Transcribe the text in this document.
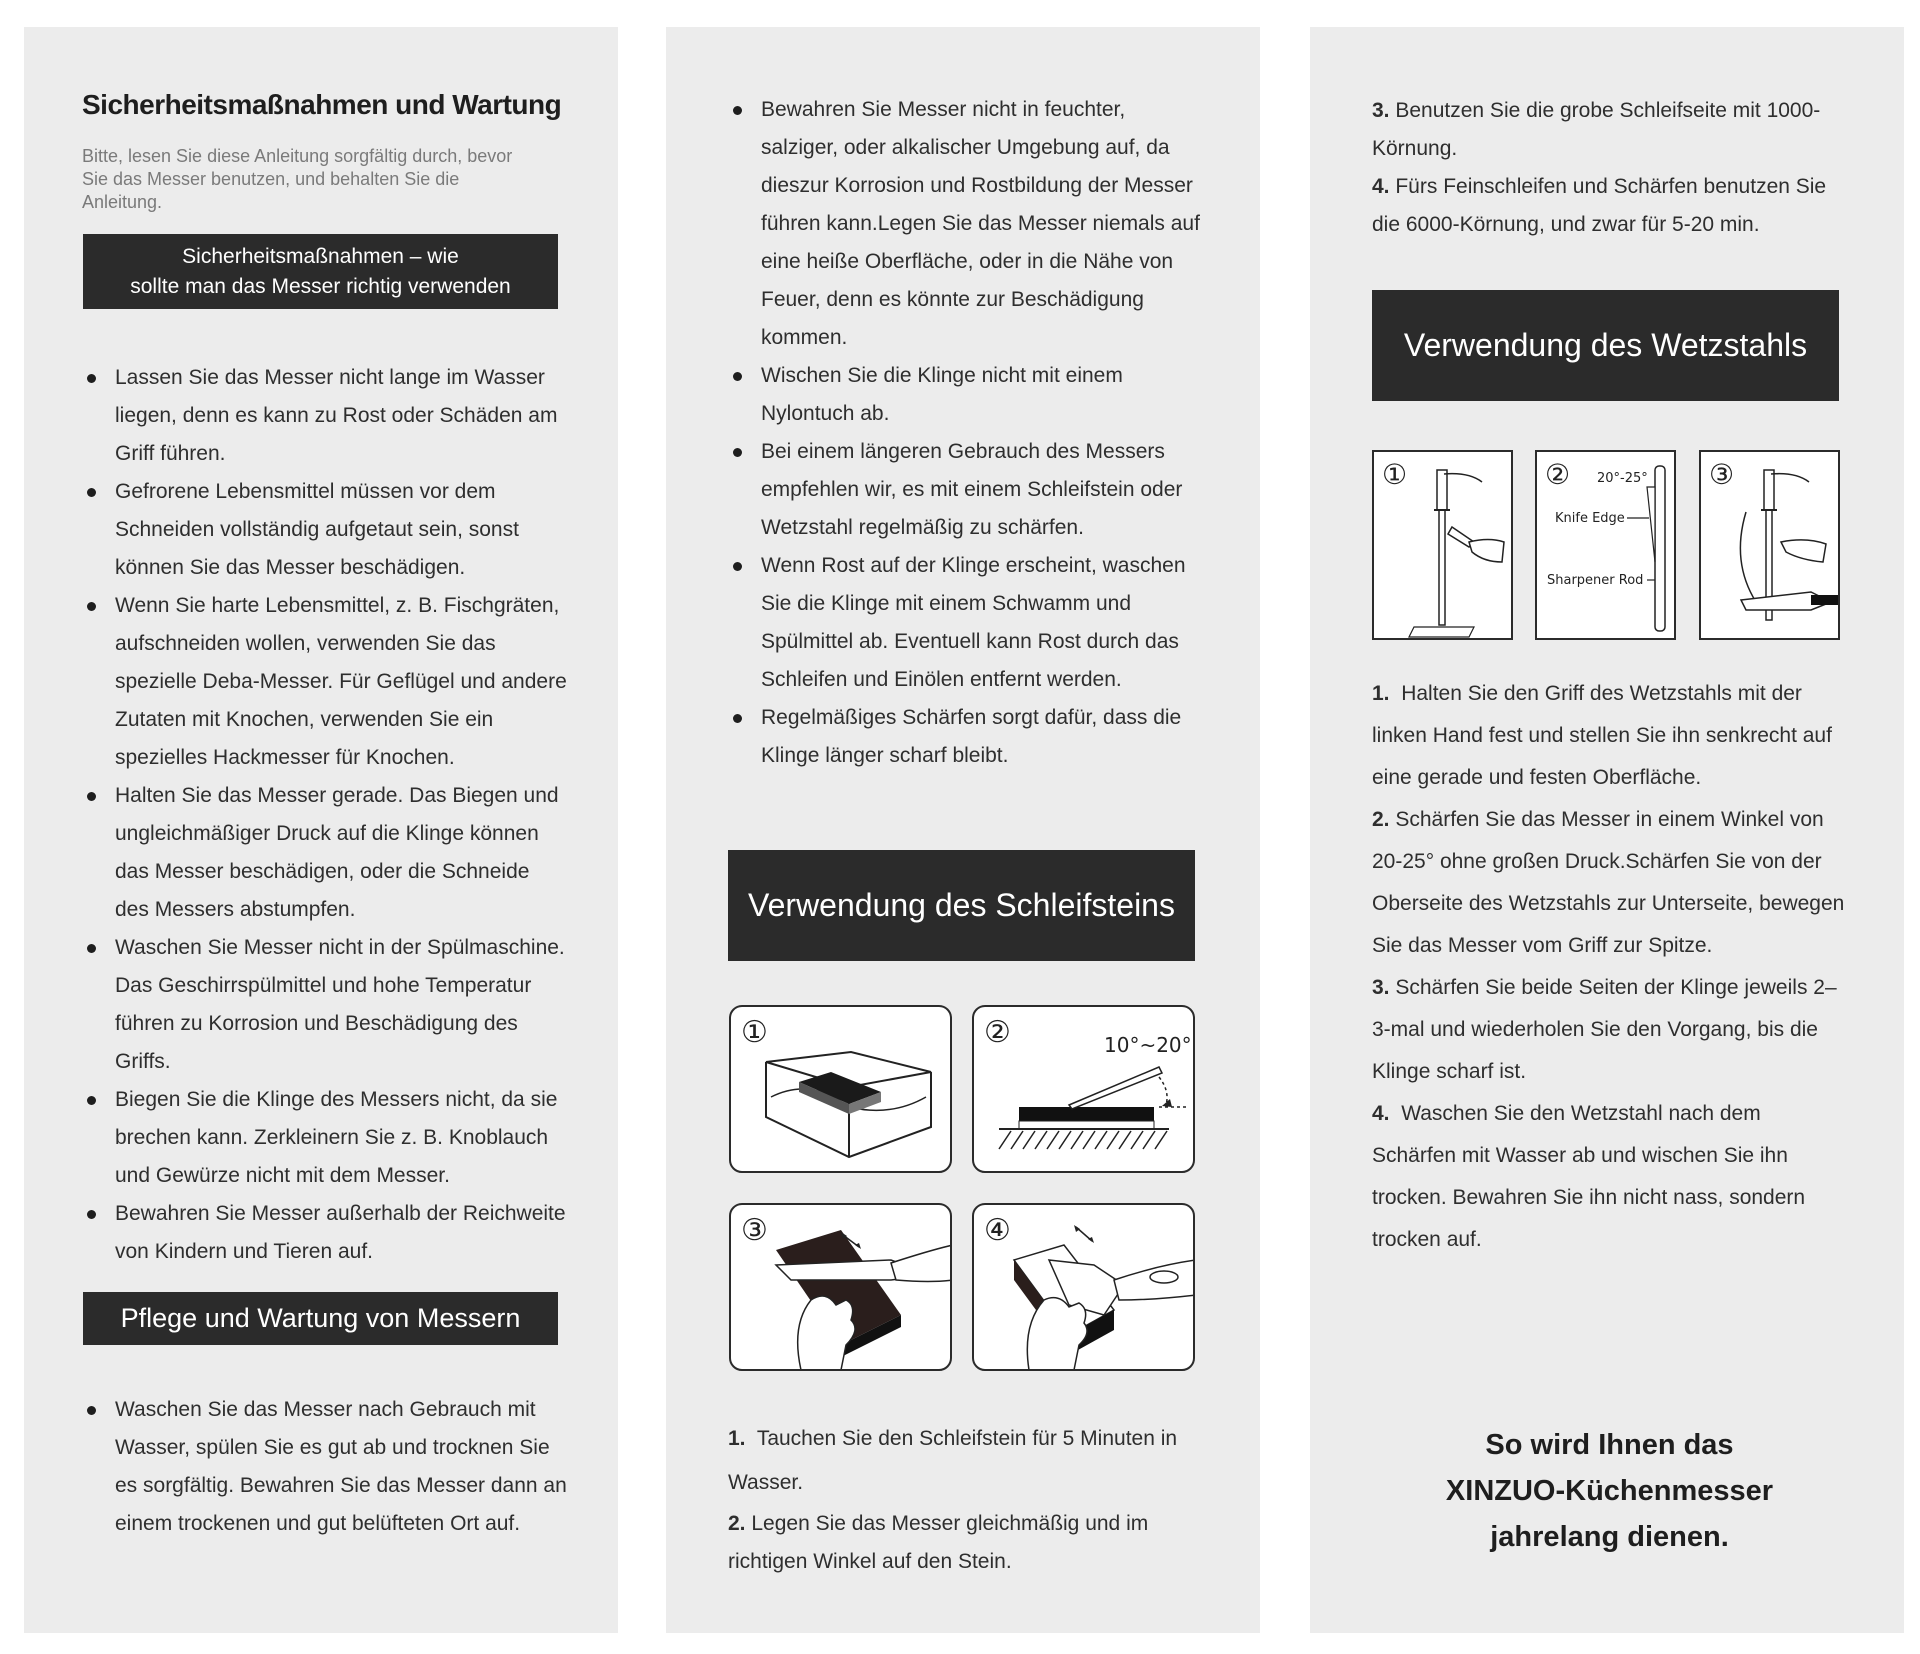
Sicherheitsmaßnahmen und Wartung

Bitte, lesen Sie diese Anleitung sorgfältig durch, bevor Sie das Messer benutzen, und behalten Sie die Anleitung.

Sicherheitsmaßnahmen – wie
sollte man das Messer richtig verwenden
Lassen Sie das Messer nicht lange im Wasser liegen, denn es kann zu Rost oder Schäden am Griff führen.
Gefrorene Lebensmittel müssen vor dem Schneiden vollständig aufgetaut sein, sonst können Sie das Messer beschädigen.
Wenn Sie harte Lebensmittel, z. B. Fischgräten, aufschneiden wollen, verwenden Sie das spezielle Deba-Messer. Für Geflügel und andere Zutaten mit Knochen, verwenden Sie ein spezielles Hackmesser für Knochen.
Halten Sie das Messer gerade. Das Biegen und ungleichmäßiger Druck auf die Klinge können das Messer beschädigen, oder die Schneide des Messers abstumpfen.
Waschen Sie Messer nicht in der Spülmaschine. Das Geschirrspülmittel und hohe Temperatur führen zu Korrosion und Beschädigung des Griffs.
Biegen Sie die Klinge des Messers nicht, da sie brechen kann. Zerkleinern Sie z. B. Knoblauch und Gewürze nicht mit dem Messer.
Bewahren Sie Messer außerhalb der Reichweite von Kindern und Tieren auf.
Pflege und Wartung von Messern
Waschen Sie das Messer nach Gebrauch mit Wasser, spülen Sie es gut ab und trocknen Sie es sorgfältig. Bewahren Sie das Messer dann an einem trockenen und gut belüfteten Ort auf.
Bewahren Sie Messer nicht in feuchter, salziger, oder alkalischer Umgebung auf, da dieszur Korrosion und Rostbildung der Messer führen kann.Legen Sie das Messer niemals auf eine heiße Oberfläche, oder in die Nähe von Feuer, denn es könnte zur Beschädigung kommen.
Wischen Sie die Klinge nicht mit einem Nylontuch ab.
Bei einem längeren Gebrauch des Messers empfehlen wir, es mit einem Schleifstein oder Wetzstahl regelmäßig zu schärfen.
Wenn Rost auf der Klinge erscheint, waschen Sie die Klinge mit einem Schwamm und Spülmittel ab. Eventuell kann Rost durch das Schleifen und Einölen entfernt werden.
Regelmäßiges Schärfen sorgt dafür, dass die Klinge länger scharf bleibt.
Verwendung des Schleifsteins
①	②	10°~20°
③	④

1. Tauchen Sie den Schleifstein für 5 Minuten in Wasser.

2. Legen Sie das Messer gleichmäßig und im richtigen Winkel auf den Stein.

3. Benutzen Sie die grobe Schleifseite mit 1000-Körnung.

4. Fürs Feinschleifen und Schärfen benutzen Sie die 6000-Körnung, und zwar für 5-20 min.

Verwendung des Wetzstahls
①	② 20°-25°
Knife Edge
Sharpener Rod
③

1. Halten Sie den Griff des Wetzstahls mit der linken Hand fest und stellen Sie ihn senkrecht auf eine gerade und festen Oberfläche.

2. Schärfen Sie das Messer in einem Winkel von 20-25° ohne großen Druck.Schärfen Sie von der Oberseite des Wetzstahls zur Unterseite, bewegen Sie das Messer vom Griff zur Spitze.

3. Schärfen Sie beide Seiten der Klinge jeweils 2–3-mal und wiederholen Sie den Vorgang, bis die Klinge scharf ist.

4. Waschen Sie den Wetzstahl nach dem Schärfen mit Wasser ab und wischen Sie ihn trocken. Bewahren Sie ihn nicht nass, sondern trocken auf.

So wird Ihnen das
XINZUO-Küchenmesser
jahrelang dienen.
